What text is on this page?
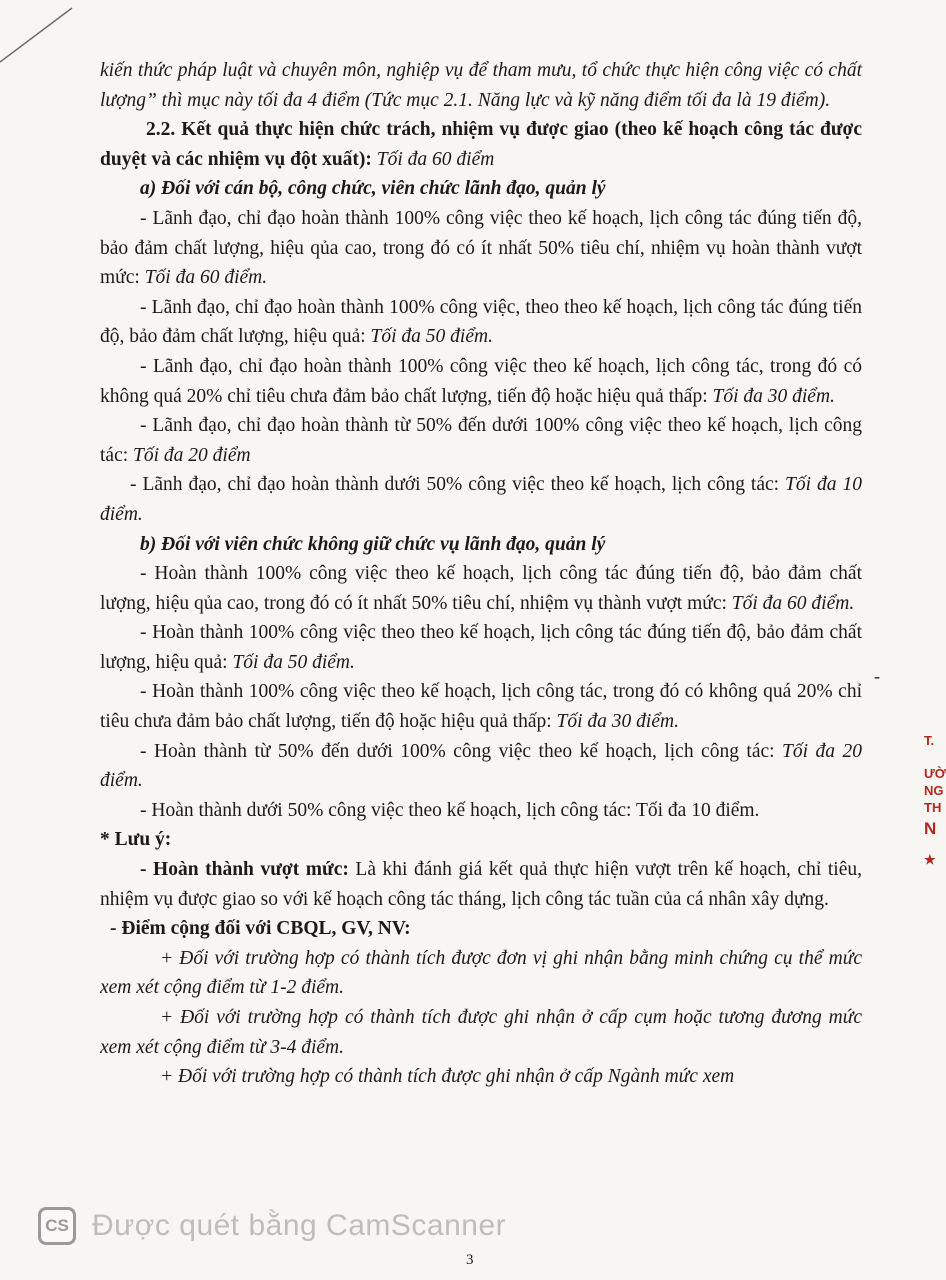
kiến thức pháp luật và chuyên môn, nghiệp vụ để tham mưu, tổ chức thực hiện công việc có chất lượng” thì mục này tối đa 4 điểm (Tức mục 2.1. Năng lực và kỹ năng điểm tối đa là 19 điểm).

2.2. Kết quả thực hiện chức trách, nhiệm vụ được giao (theo kế hoạch công tác được duyệt và các nhiệm vụ đột xuất): Tối đa 60 điểm

a) Đối với cán bộ, công chức, viên chức lãnh đạo, quản lý

- Lãnh đạo, chỉ đạo hoàn thành 100% công việc theo kế hoạch, lịch công tác đúng tiến độ, bảo đảm chất lượng, hiệu qủa cao, trong đó có ít nhất 50% tiêu chí, nhiệm vụ hoàn thành vượt mức: Tối đa 60 điểm.

- Lãnh đạo, chỉ đạo hoàn thành 100% công việc, theo theo kế hoạch, lịch công tác đúng tiến độ, bảo đảm chất lượng, hiệu quả: Tối đa 50 điểm.

- Lãnh đạo, chỉ đạo hoàn thành 100% công việc theo kế hoạch, lịch công tác, trong đó có không quá 20% chỉ tiêu chưa đảm bảo chất lượng, tiến độ hoặc hiệu quả thấp: Tối đa 30 điểm.

- Lãnh đạo, chỉ đạo hoàn thành từ 50% đến dưới 100% công việc theo kế hoạch, lịch công tác: Tối đa 20 điểm

- Lãnh đạo, chỉ đạo hoàn thành dưới 50% công việc theo kế hoạch, lịch công tác: Tối đa 10 điểm.

b) Đối với viên chức không giữ chức vụ lãnh đạo, quản lý

- Hoàn thành 100% công việc theo kế hoạch, lịch công tác đúng tiến độ, bảo đảm chất lượng, hiệu qủa cao, trong đó có ít nhất 50% tiêu chí, nhiệm vụ thành vượt mức: Tối đa 60 điểm.

- Hoàn thành 100% công việc theo theo kế hoạch, lịch công tác đúng tiến độ, bảo đảm chất lượng, hiệu quả: Tối đa 50 điểm.

- Hoàn thành 100% công việc theo kế hoạch, lịch công tác, trong đó có không quá 20% chỉ tiêu chưa đảm bảo chất lượng, tiến độ hoặc hiệu quả thấp: Tối đa 30 điểm.

- Hoàn thành từ 50% đến dưới 100% công việc theo kế hoạch, lịch công tác: Tối đa 20 điểm.

- Hoàn thành dưới 50% công việc theo kế hoạch, lịch công tác: Tối đa 10 điểm.

* Lưu ý:

- Hoàn thành vượt mức: Là khi đánh giá kết quả thực hiện vượt trên kế hoạch, chỉ tiêu, nhiệm vụ được giao so với kế hoạch công tác tháng, lịch công tác tuần của cá nhân xây dựng.

- Điểm cộng đối với CBQL, GV, NV:

+ Đối với trường hợp có thành tích được đơn vị ghi nhận bằng minh chứng cụ thể mức xem xét cộng điểm từ 1-2 điểm.

+ Đối với trường hợp có thành tích được ghi nhận ở cấp cụm hoặc tương đương mức xem xét cộng điểm từ 3-4 điểm.

+ Đối với trường hợp có thành tích được ghi nhận ở cấp Ngành mức xem

-
T.
ƯỜ
NG
TH
N
★
CS Được quét bằng CamScanner
3
